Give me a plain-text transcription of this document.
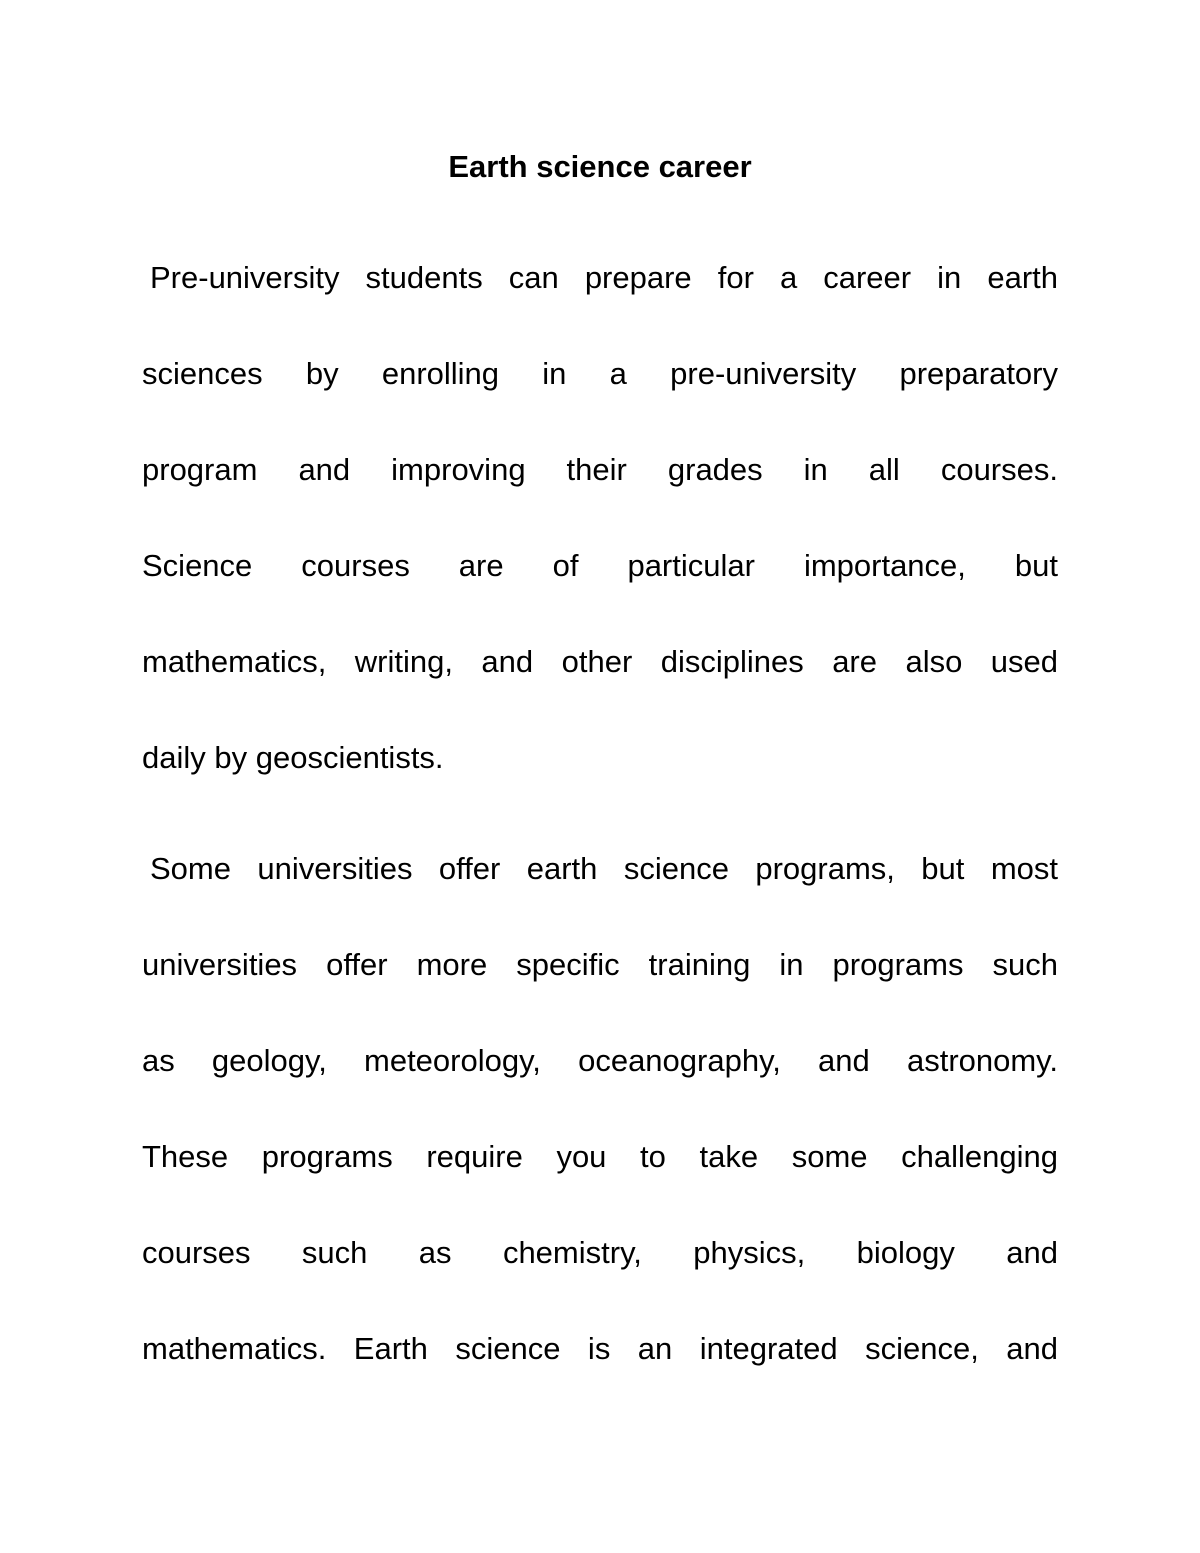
Earth science career
Pre-university students can prepare for a career in earth
sciences by enrolling in a pre-university preparatory
program and improving their grades in all courses.
Science courses are of particular importance, but
mathematics, writing, and other disciplines are also used
daily by geoscientists.
Some universities offer earth science programs, but most
universities offer more specific training in programs such
as geology, meteorology, oceanography, and astronomy.
These programs require you to take some challenging
courses such as chemistry, physics, biology and
mathematics. Earth science is an integrated science, and
